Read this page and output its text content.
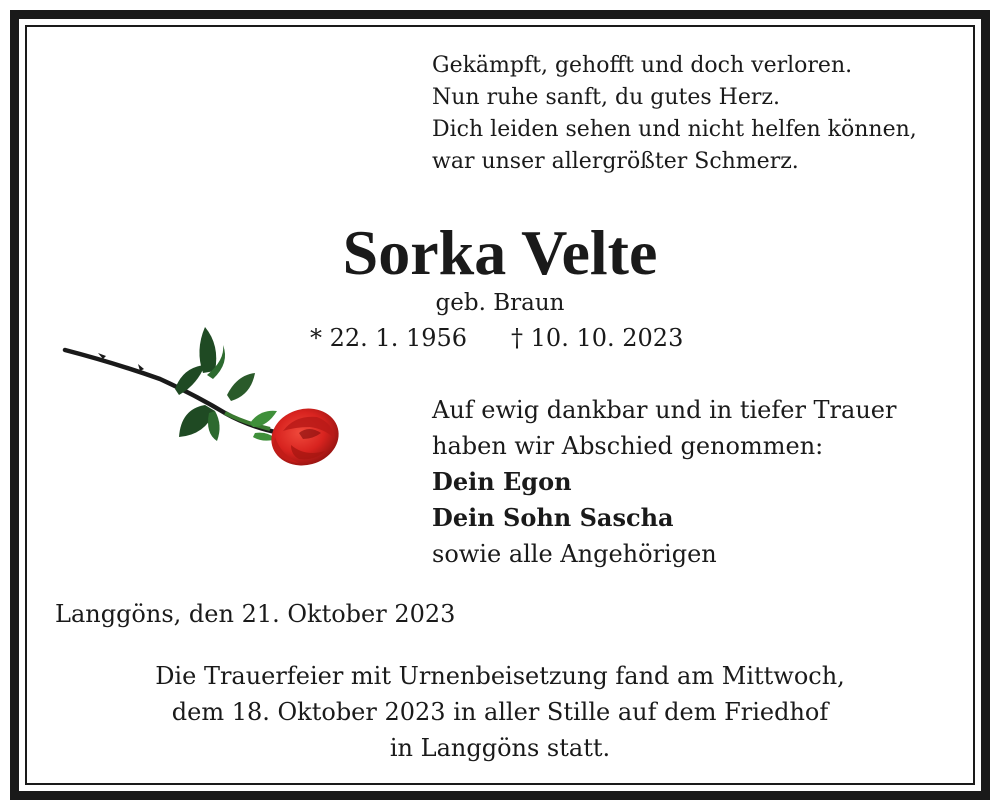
Gekämpft, gehofft und doch verloren.
Nun ruhe sanft, du gutes Herz.
Dich leiden sehen und nicht helfen können,
war unser allergrößter Schmerz.
Sorka Velte
geb. Braun
* 22. 1. 1956 † 10. 10. 2023
Auf ewig dankbar und in tiefer Trauer
haben wir Abschied genommen:
Dein Egon
Dein Sohn Sascha
sowie alle Angehörigen
Langgöns, den 21. Oktober 2023
Die Trauerfeier mit Urnenbeisetzung fand am Mittwoch,
dem 18. Oktober 2023 in aller Stille auf dem Friedhof
in Langgöns statt.
